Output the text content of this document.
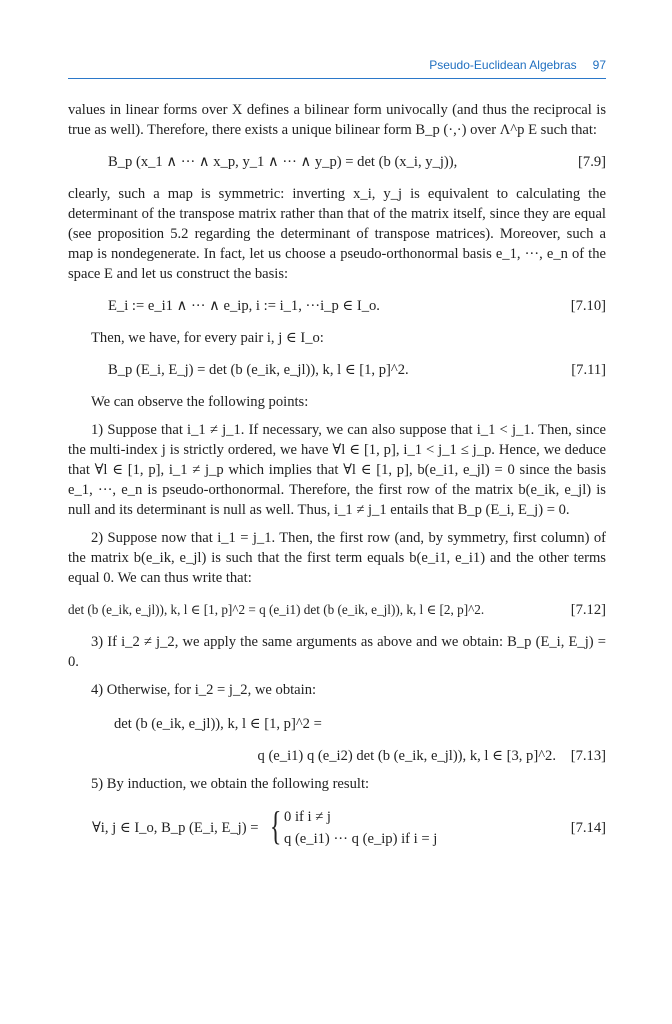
Pseudo-Euclidean Algebras 97

values in linear forms over X defines a bilinear form univocally (and thus the reciprocal is true as well). Therefore, there exists a unique bilinear form B_p (·,·) over Λ^p E such that:

B_p (x_1 ∧ ··· ∧ x_p, y_1 ∧ ··· ∧ y_p) = det (b (x_i, y_j)),	[7.9]

clearly, such a map is symmetric: inverting x_i, y_j is equivalent to calculating the determinant of the transpose matrix rather than that of the matrix itself, since they are equal (see proposition 5.2 regarding the determinant of transpose matrices). Moreover, such a map is nondegenerate. In fact, let us choose a pseudo-orthonormal basis e_1, ···, e_n of the space E and let us construct the basis:

E_i := e_i1 ∧ ··· ∧ e_ip, i := i_1, ···i_p ∈ I_o.	[7.10]

Then, we have, for every pair i, j ∈ I_o:

B_p (E_i, E_j) = det (b (e_ik, e_jl)), k, l ∈ [1, p]^2.	[7.11]

We can observe the following points:

1) Suppose that i_1 ≠ j_1. If necessary, we can also suppose that i_1 < j_1. Then, since the multi-index j is strictly ordered, we have ∀l ∈ [1, p], i_1 < j_1 ≤ j_p. Hence, we deduce that ∀l ∈ [1, p], i_1 ≠ j_p which implies that ∀l ∈ [1, p], b(e_i1, e_jl) = 0 since the basis e_1, ···, e_n is pseudo-orthonormal. Therefore, the first row of the matrix b(e_ik, e_jl) is null and its determinant is null as well. Thus, i_1 ≠ j_1 entails that B_p (E_i, E_j) = 0.

2) Suppose now that i_1 = j_1. Then, the first row (and, by symmetry, first column) of the matrix b(e_ik, e_jl) is such that the first term equals b(e_i1, e_i1) and the other terms equal 0. We can thus write that:

det (b (e_ik, e_jl)), k, l ∈ [1, p]^2 = q (e_i1) det (b (e_ik, e_jl)), k, l ∈ [2, p]^2.	[7.12]

3) If i_2 ≠ j_2, we apply the same arguments as above and we obtain: B_p (E_i, E_j) = 0.

4) Otherwise, for i_2 = j_2, we obtain:

det (b (e_ik, e_jl)), k, l ∈ [1, p]^2 =
q (e_i1) q (e_i2) det (b (e_ik, e_jl)), k, l ∈ [3, p]^2. [7.13]

5) By induction, we obtain the following result:

∀i, j ∈ I_o, B_p (E_i, E_j) = { 0 if i ≠ j
q (e_i1) ··· q (e_ip) if i = j
[7.14]
